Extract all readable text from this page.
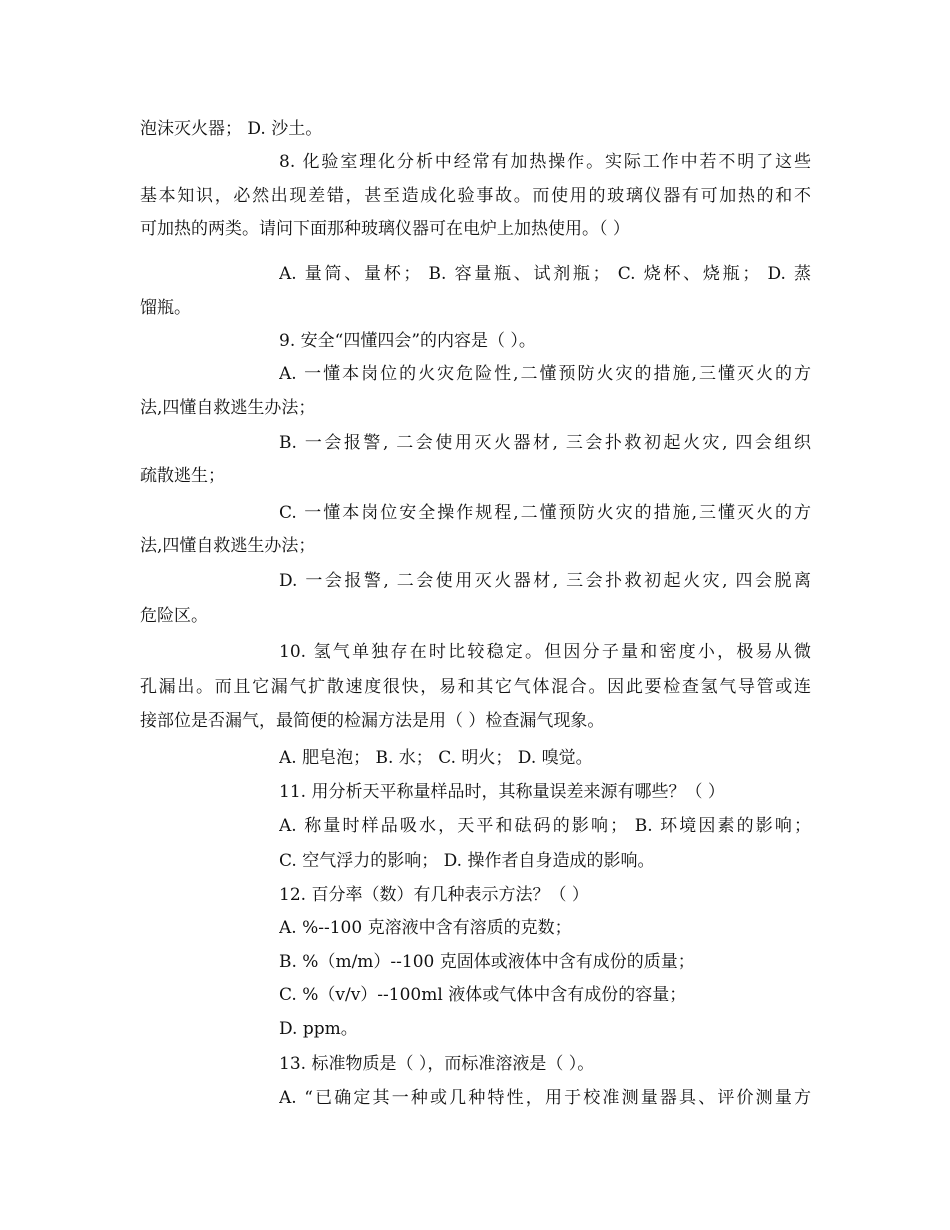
泡沫灭火器； D. 沙土。
8. 化验室理化分析中经常有加热操作。实际工作中若不明了这些
基本知识，必然出现差错，甚至造成化验事故。而使用的玻璃仪器有可加热的和不
可加热的两类。请问下面那种玻璃仪器可在电炉上加热使用。（ ）
A. 量筒、量杯； B. 容量瓶、试剂瓶； C. 烧杯、烧瓶； D. 蒸
馏瓶。
9. 安全“四懂四会”的内容是（ ）。
A. 一懂本岗位的火灾危险性,二懂预防火灾的措施,三懂灭火的方
法,四懂自救逃生办法；
B. 一会报警, 二会使用灭火器材, 三会扑救初起火灾, 四会组织
疏散逃生；
C. 一懂本岗位安全操作规程,二懂预防火灾的措施,三懂灭火的方
法,四懂自救逃生办法；
D. 一会报警, 二会使用灭火器材, 三会扑救初起火灾, 四会脱离
危险区。
10. 氢气单独存在时比较稳定。但因分子量和密度小，极易从微
孔漏出。而且它漏气扩散速度很快，易和其它气体混合。因此要检查氢气导管或连
接部位是否漏气，最简便的检漏方法是用（ ）检查漏气现象。
A. 肥皂泡； B. 水； C. 明火； D. 嗅觉。
11. 用分析天平称量样品时，其称量误差来源有哪些？（ ）
A. 称量时样品吸水，天平和砝码的影响； B. 环境因素的影响；
C. 空气浮力的影响； D. 操作者自身造成的影响。
12. 百分率（数）有几种表示方法？（ ）
A. %--100 克溶液中含有溶质的克数；
B. %（m/m）--100 克固体或液体中含有成份的质量；
C. %（v/v）--100ml 液体或气体中含有成份的容量；
D. ppm。
13. 标准物质是（ ），而标准溶液是（ ）。
A. “已确定其一种或几种特性，用于校准测量器具、评价测量方
